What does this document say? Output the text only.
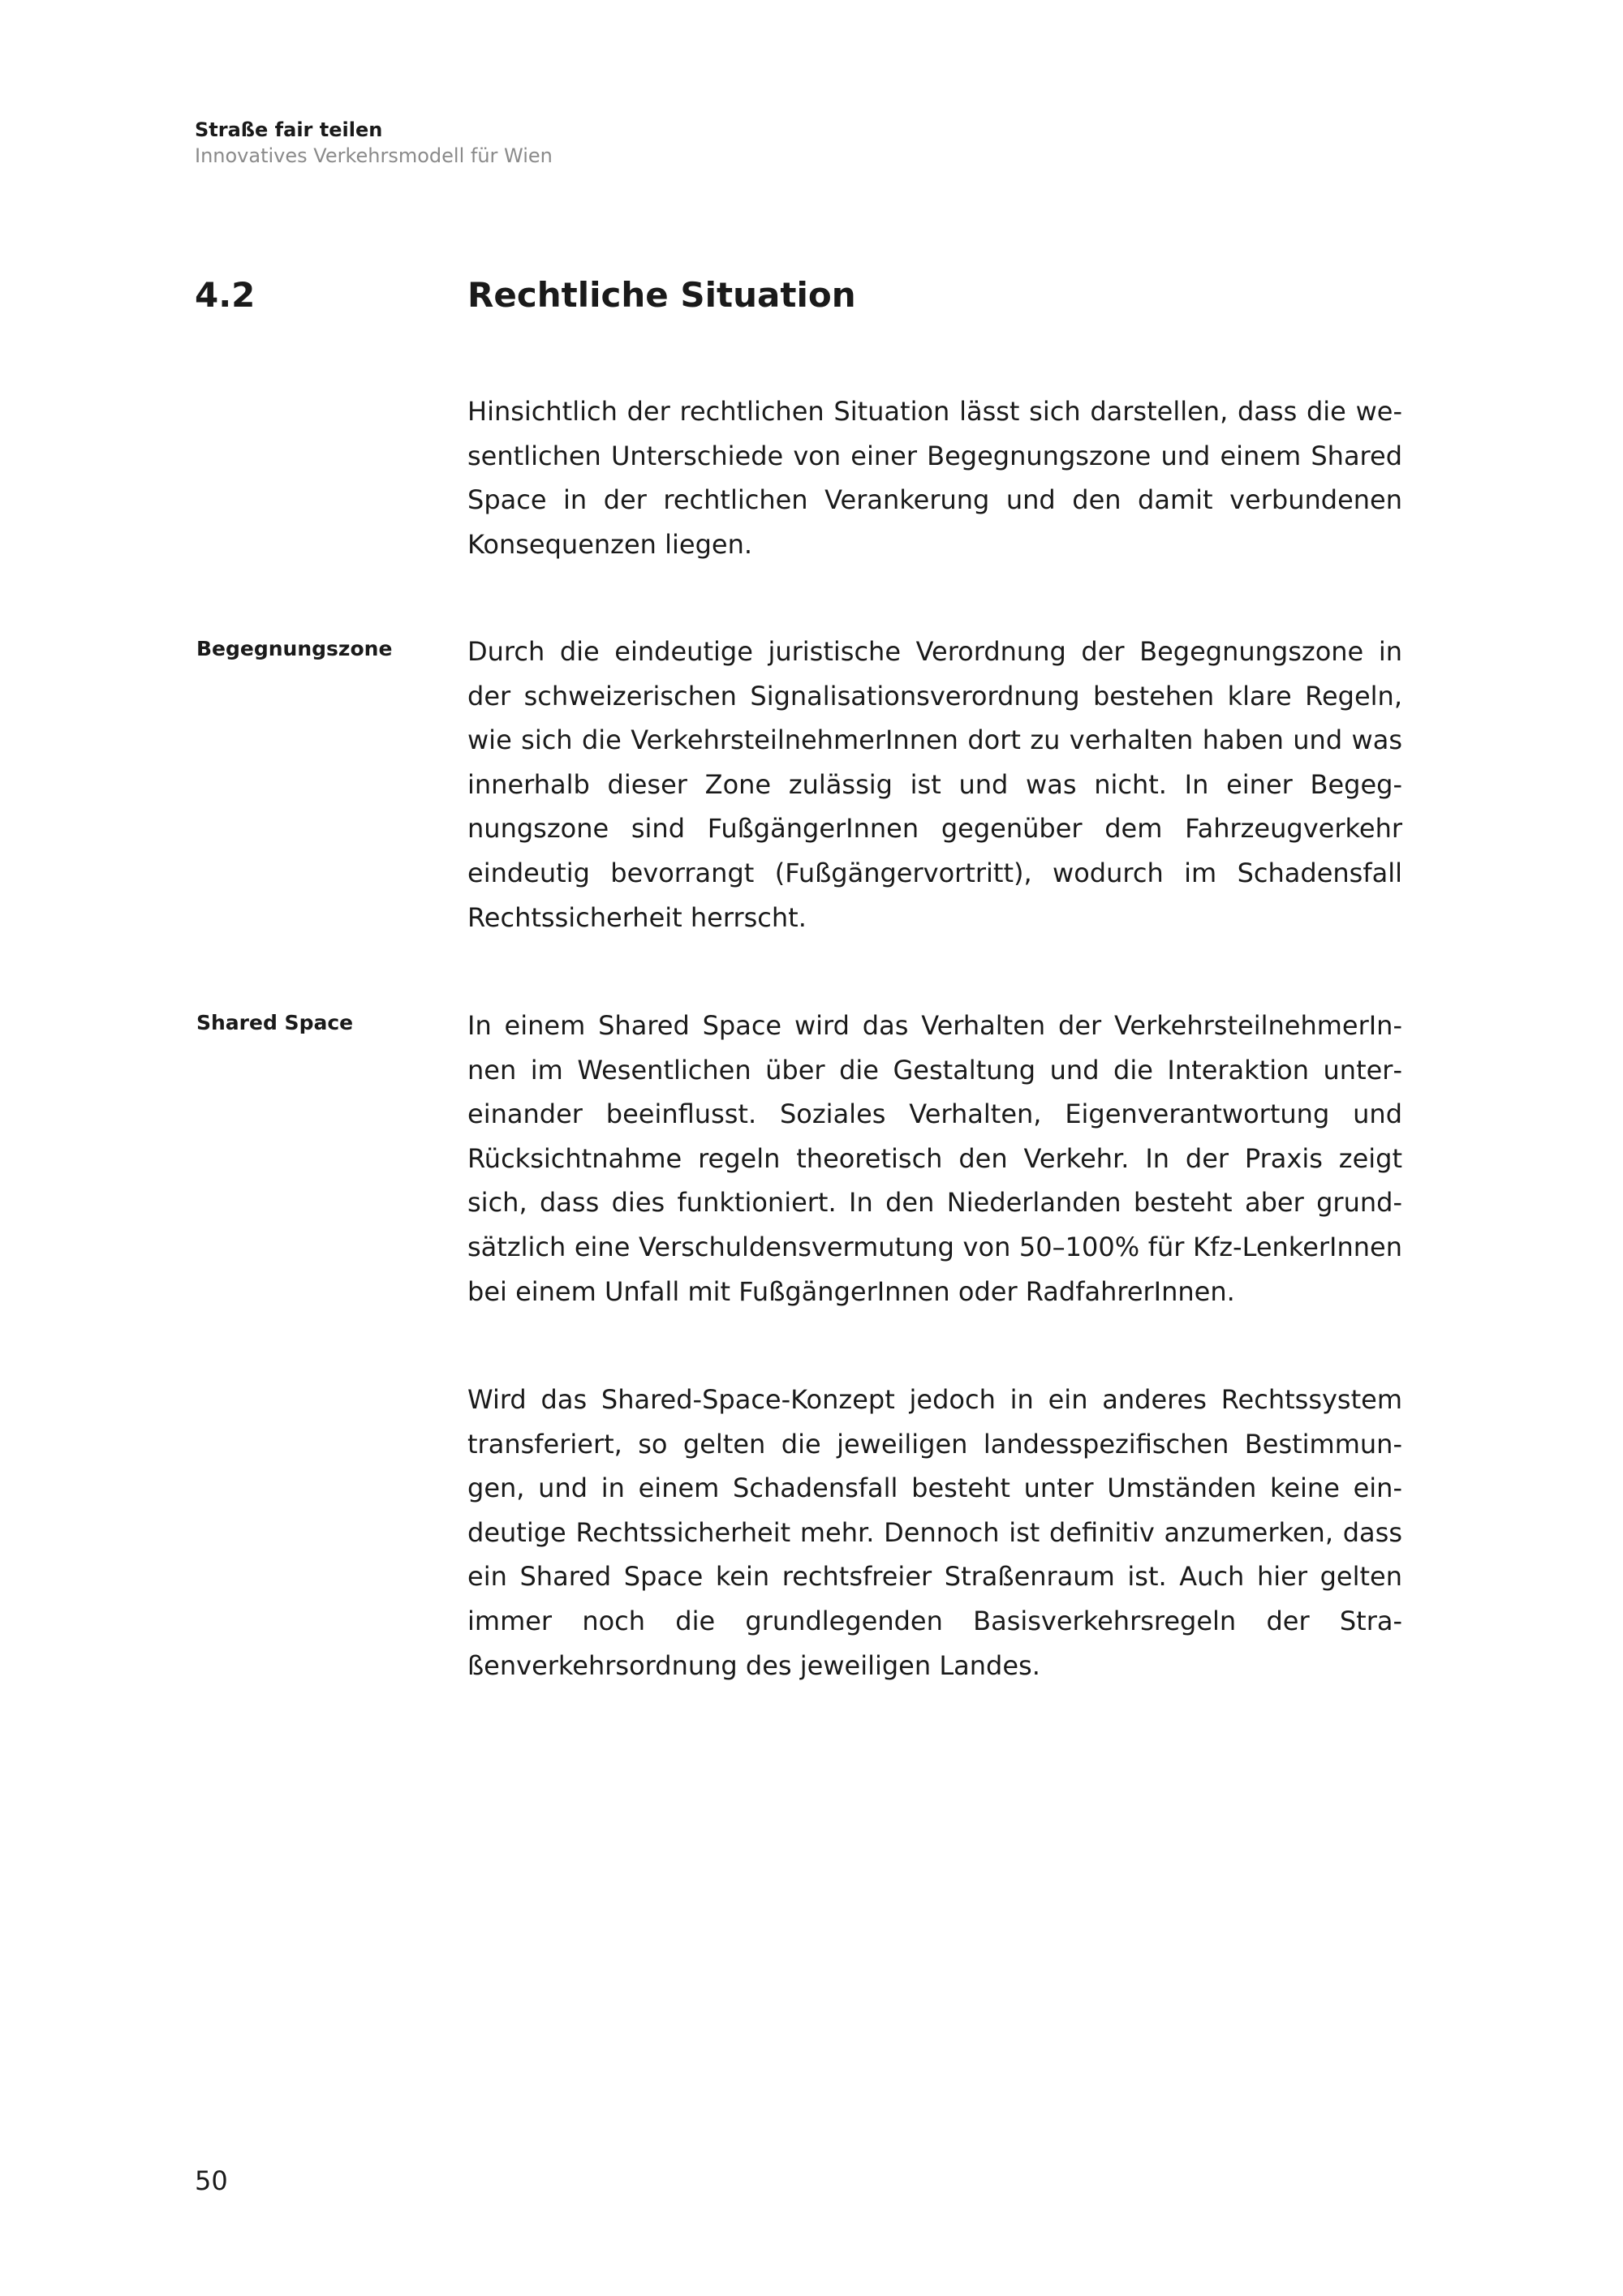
Straße fair teilen
Innovatives Verkehrsmodell für Wien
4.2	Rechtliche Situation

Hinsichtlich der rechtlichen Situation lässt sich darstellen, dass die wesentlichen Unterschiede von einer Begegnungszone und einem Shared Space in der rechtlichen Verankerung und den damit verbundenen Konsequenzen liegen.

Begegnungszone	Durch die eindeutige juristische Verordnung der Begegnungszone in der schweizerischen Signalisationsverordnung bestehen klare Regeln, wie sich die VerkehrsteilnehmerInnen dort zu verhalten haben und was innerhalb dieser Zone zulässig ist und was nicht. In einer Begegnungszone sind FußgängerInnen gegenüber dem Fahrzeugverkehr eindeutig bevorrangt (Fußgängervortritt), wodurch im Schadensfall Rechtssicherheit herrscht.

Shared Space	In einem Shared Space wird das Verhalten der VerkehrsteilnehmerInnen im Wesentlichen über die Gestaltung und die Interaktion untereinander beeinflusst. Soziales Verhalten, Eigenverantwortung und Rücksichtnahme regeln theoretisch den Verkehr. In der Praxis zeigt sich, dass dies funktioniert. In den Niederlanden besteht aber grundsätzlich eine Verschuldensvermutung von 50–100% für Kfz-LenkerInnen bei einem Unfall mit FußgängerInnen oder RadfahrerInnen.

Wird das Shared-Space-Konzept jedoch in ein anderes Rechtssystem transferiert, so gelten die jeweiligen landesspezifischen Bestimmungen, und in einem Schadensfall besteht unter Umständen keine eindeutige Rechtssicherheit mehr. Dennoch ist definitiv anzumerken, dass ein Shared Space kein rechtsfreier Straßenraum ist. Auch hier gelten immer noch die grundlegenden Basisverkehrsregeln der Straßenverkehrsordnung des jeweiligen Landes.

50
